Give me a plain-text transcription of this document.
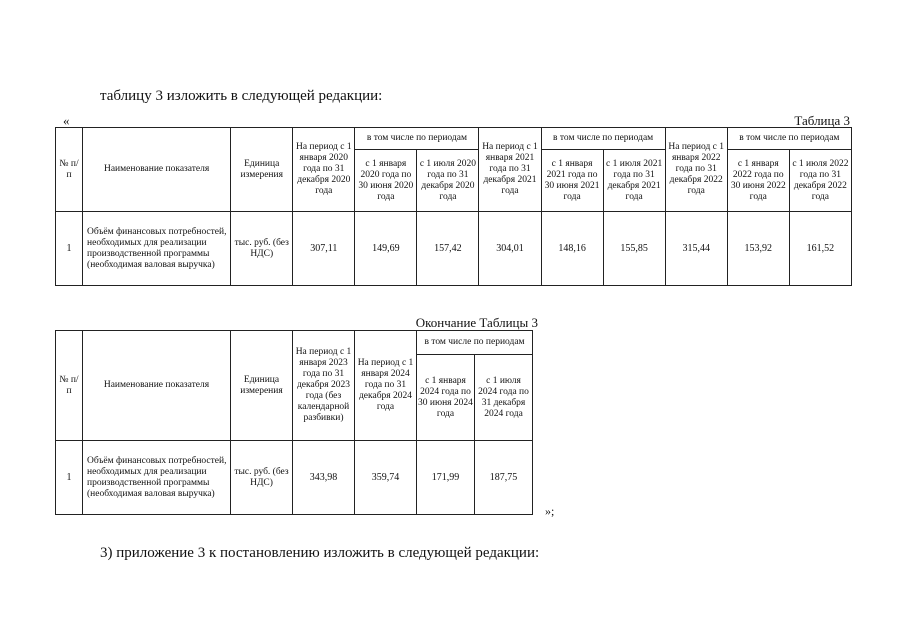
таблицу 3 изложить в следующей редакции:
«	Таблица 3
№ п/п	Наименование показателя	Единица измерения	На период с 1 января 2020 года по 31 декабря 2020 года	в том числе по периодам		На период с 1 января 2021 года по 31 декабря 2021 года	в том числе по периодам		На период с 1 января 2022 года по 31 декабря 2022 года	в том числе по периодам	
				с 1 января 2020 года по 30 июня 2020 года	с 1 июля 2020 года по 31 декабря 2020 года		с 1 января 2021 года по 30 июня 2021 года	с 1 июля 2021 года по 31 декабря 2021 года		с 1 января 2022 года по 30 июня 2022 года	с 1 июля 2022 года по 31 декабря 2022 года
1	Объём финансовых потребностей, необходимых для реализации производственной программы (необходимая валовая выручка)	тыс. руб. (без НДС)	307,11	149,69	157,42	304,01	148,16	155,85	315,44	153,92	161,52
Окончание Таблицы 3
№ п/п	Наименование показателя	Единица измерения	На период с 1 января 2023 года по 31 декабря 2023 года (без календарной разбивки)	На период с 1 января 2024 года по 31 декабря 2024 года	в том числе по периодам	
					с 1 января 2024 года по 30 июня 2024 года	с 1 июля 2024 года по 31 декабря 2024 года
1	Объём финансовых потребностей, необходимых для реализации производственной программы (необходимая валовая выручка)	тыс. руб. (без НДС)	343,98	359,74	171,99	187,75
»;
3) приложение 3 к постановлению изложить в следующей редакции:
